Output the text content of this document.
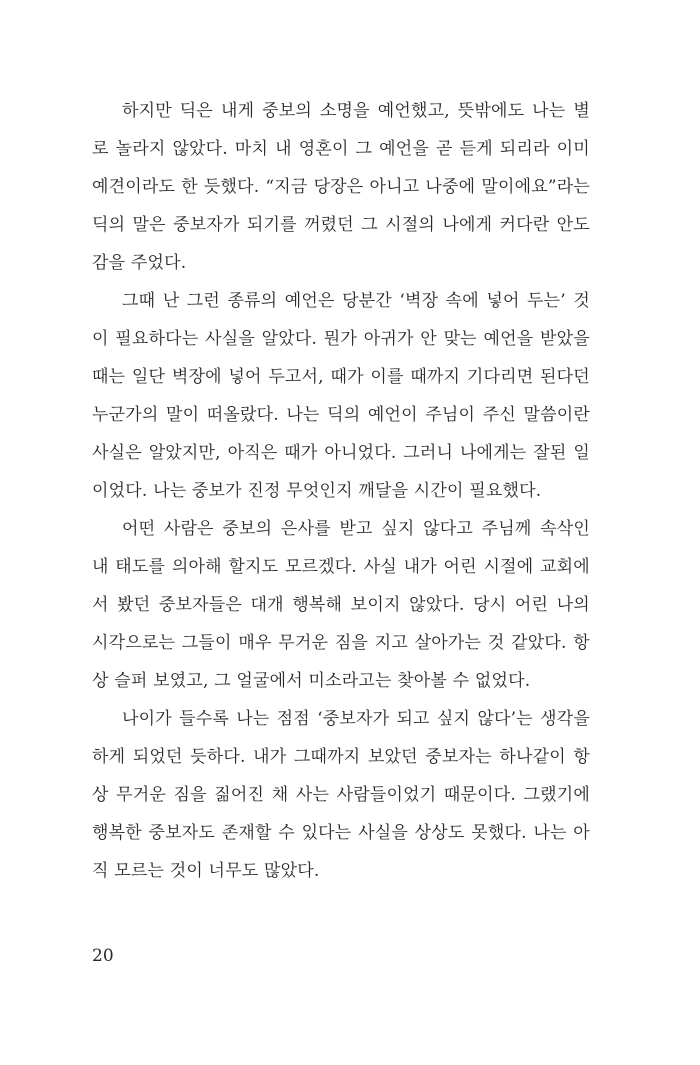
하지만 딕은 내게 중보의 소명을 예언했고, 뜻밖에도 나는 별
로 놀라지 않았다. 마치 내 영혼이 그 예언을 곧 듣게 되리라 이미
예견이라도 한 듯했다. “지금 당장은 아니고 나중에 말이에요”라는
딕의 말은 중보자가 되기를 꺼렸던 그 시절의 나에게 커다란 안도
감을 주었다.
그때 난 그런 종류의 예언은 당분간 ‘벽장 속에 넣어 두는’ 것
이 필요하다는 사실을 알았다. 뭔가 아귀가 안 맞는 예언을 받았을
때는 일단 벽장에 넣어 두고서, 때가 이를 때까지 기다리면 된다던
누군가의 말이 떠올랐다. 나는 딕의 예언이 주님이 주신 말씀이란
사실은 알았지만, 아직은 때가 아니었다. 그러니 나에게는 잘된 일
이었다. 나는 중보가 진정 무엇인지 깨달을 시간이 필요했다.
어떤 사람은 중보의 은사를 받고 싶지 않다고 주님께 속삭인
내 태도를 의아해 할지도 모르겠다. 사실 내가 어린 시절에 교회에
서 봤던 중보자들은 대개 행복해 보이지 않았다. 당시 어린 나의
시각으로는 그들이 매우 무거운 짐을 지고 살아가는 것 같았다. 항
상 슬퍼 보였고, 그 얼굴에서 미소라고는 찾아볼 수 없었다.
나이가 들수록 나는 점점 ‘중보자가 되고 싶지 않다’는 생각을
하게 되었던 듯하다. 내가 그때까지 보았던 중보자는 하나같이 항
상 무거운 짐을 짊어진 채 사는 사람들이었기 때문이다. 그랬기에
행복한 중보자도 존재할 수 있다는 사실을 상상도 못했다. 나는 아
직 모르는 것이 너무도 많았다.
20
